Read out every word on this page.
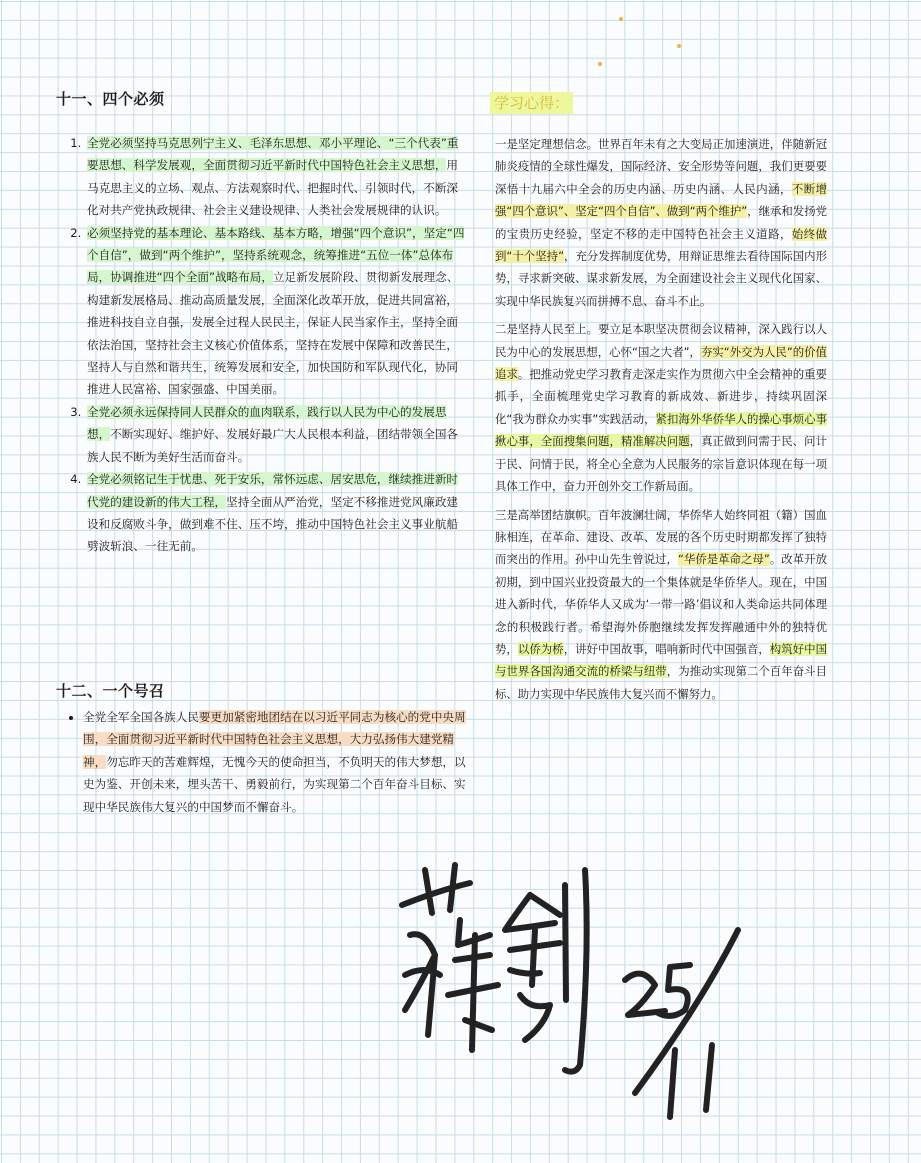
十一、四个必须
1. 全党必须坚持马克思列宁主义、毛泽东思想、邓小平理论、“三个代表”重要思想、科学发展观，全面贯彻习近平新时代中国特色社会主义思想，用马克思主义的立场、观点、方法观察时代、把握时代、引领时代，不断深化对共产党执政规律、社会主义建设规律、人类社会发展规律的认识。
2. 必须坚持党的基本理论、基本路线、基本方略，增强“四个意识”，坚定“四个自信”，做到“两个维护”，坚持系统观念，统筹推进“五位一体”总体布局，协调推进“四个全面”战略布局，立足新发展阶段、贯彻新发展理念、构建新发展格局、推动高质量发展，全面深化改革开放，促进共同富裕，推进科技自立自强，发展全过程人民民主，保证人民当家作主，坚持全面依法治国，坚持社会主义核心价值体系，坚持在发展中保障和改善民生，坚持人与自然和谐共生，统筹发展和安全，加快国防和军队现代化，协同推进人民富裕、国家强盛、中国美丽。
3. 全党必须永远保持同人民群众的血肉联系，践行以人民为中心的发展思想，不断实现好、维护好、发展好最广大人民根本利益，团结带领全国各族人民不断为美好生活而奋斗。
4. 全党必须铭记生于忧患、死于安乐，常怀远虑、居安思危，继续推进新时代党的建设新的伟大工程，坚持全面从严治党，坚定不移推进党风廉政建设和反腐败斗争，做到难不住、压不垮，推动中国特色社会主义事业航船劈波斩浪、一往无前。
十二、一个号召
• 全党全军全国各族人民要更加紧密地团结在以习近平同志为核心的党中央周围，全面贯彻习近平新时代中国特色社会主义思想，大力弘扬伟大建党精神，勿忘昨天的苦难辉煌，无愧今天的使命担当，不负明天的伟大梦想，以史为鉴、开创未来，埋头苦干、勇毅前行，为实现第二个百年奋斗目标、实现中华民族伟大复兴的中国梦而不懈奋斗。
学习心得：

一是坚定理想信念。世界百年未有之大变局正加速演进，伴随新冠肺炎疫情的全球性爆发，国际经济、安全形势等问题，我们更要要深悟十九届六中全会的历史内涵、历史内涵、人民内涵，不断增强“四个意识”、坚定“四个自信”、做到“两个维护”，继承和发扬党的宝贵历史经验，坚定不移的走中国特色社会主义道路，始终做到“十个坚持”，充分发挥制度优势，用辩证思维去看待国际国内形势，寻求新突破、谋求新发展，为全面建设社会主义现代化国家、实现中华民族复兴而拼搏不息、奋斗不止。

二是坚持人民至上。要立足本职坚决贯彻会议精神，深入践行以人民为中心的发展思想，心怀“国之大者”，夯实“外交为人民”的价值追求。把推动党史学习教育走深走实作为贯彻六中全会精神的重要抓手，全面梳理党史学习教育的新成效、新进步，持续巩固深化“我为群众办实事”实践活动，紧扣海外华侨华人的操心事烦心事揪心事，全面搜集问题，精准解决问题，真正做到问需于民、问计于民、问情于民，将全心全意为人民服务的宗旨意识体现在每一项具体工作中，奋力开创外交工作新局面。

三是高举团结旗帜。百年波澜壮阔，华侨华人始终同祖（籍）国血脉相连，在革命、建设、改革、发展的各个历史时期都发挥了独特而突出的作用。孙中山先生曾说过，“华侨是革命之母”。改革开放初期，到中国兴业投资最大的一个集体就是华侨华人。现在，中国进入新时代，华侨华人又成为‘一带一路’倡议和人类命运共同体理念的积极践行者。希望海外侨胞继续发挥发挥融通中外的独特优势，以侨为桥，讲好中国故事，唱响新时代中国强音，构筑好中国与世界各国沟通交流的桥梁与纽带，为推动实现第二个百年奋斗目标、助力实现中华民族伟大复兴而不懈努力。
